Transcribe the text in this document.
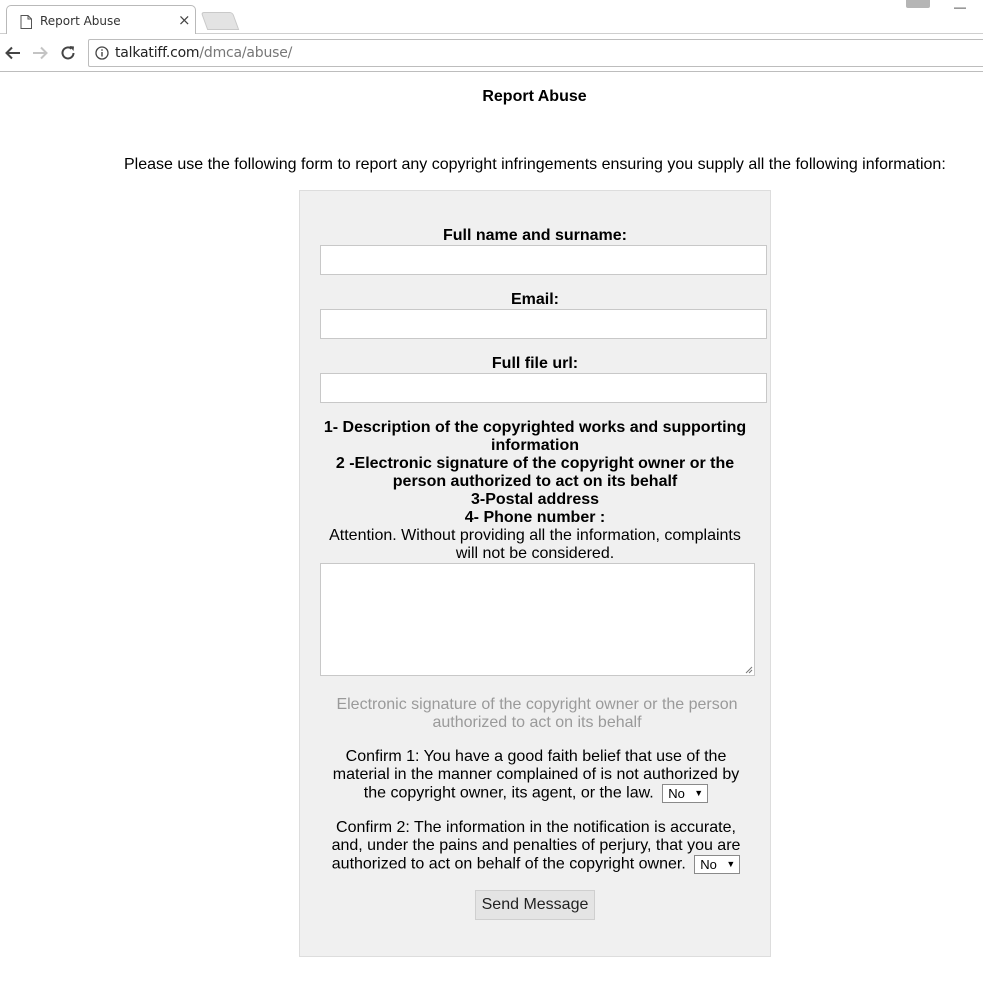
Report Abuse	×
—
talkatiff.com/dmca/abuse/
Report Abuse
Please use the following form to report any copyright infringements ensuring you supply all the following information:
Full name and surname:
Email:
Full file url:
1- Description of the copyrighted works and supporting information
2 -Electronic signature of the copyright owner or the person authorized to act on its behalf
3-Postal address
4- Phone number :
Attention. Without providing all the information, complaints will not be considered.
Electronic signature of the copyright owner or the person authorized to act on its behalf
Confirm 1: You have a good faith belief that use of the material in the manner complained of is not authorized by the copyright owner, its agent, or the law. No ▼
Confirm 2: The information in the notification is accurate, and, under the pains and penalties of perjury, that you are authorized to act on behalf of the copyright owner. No ▼
Send Message
